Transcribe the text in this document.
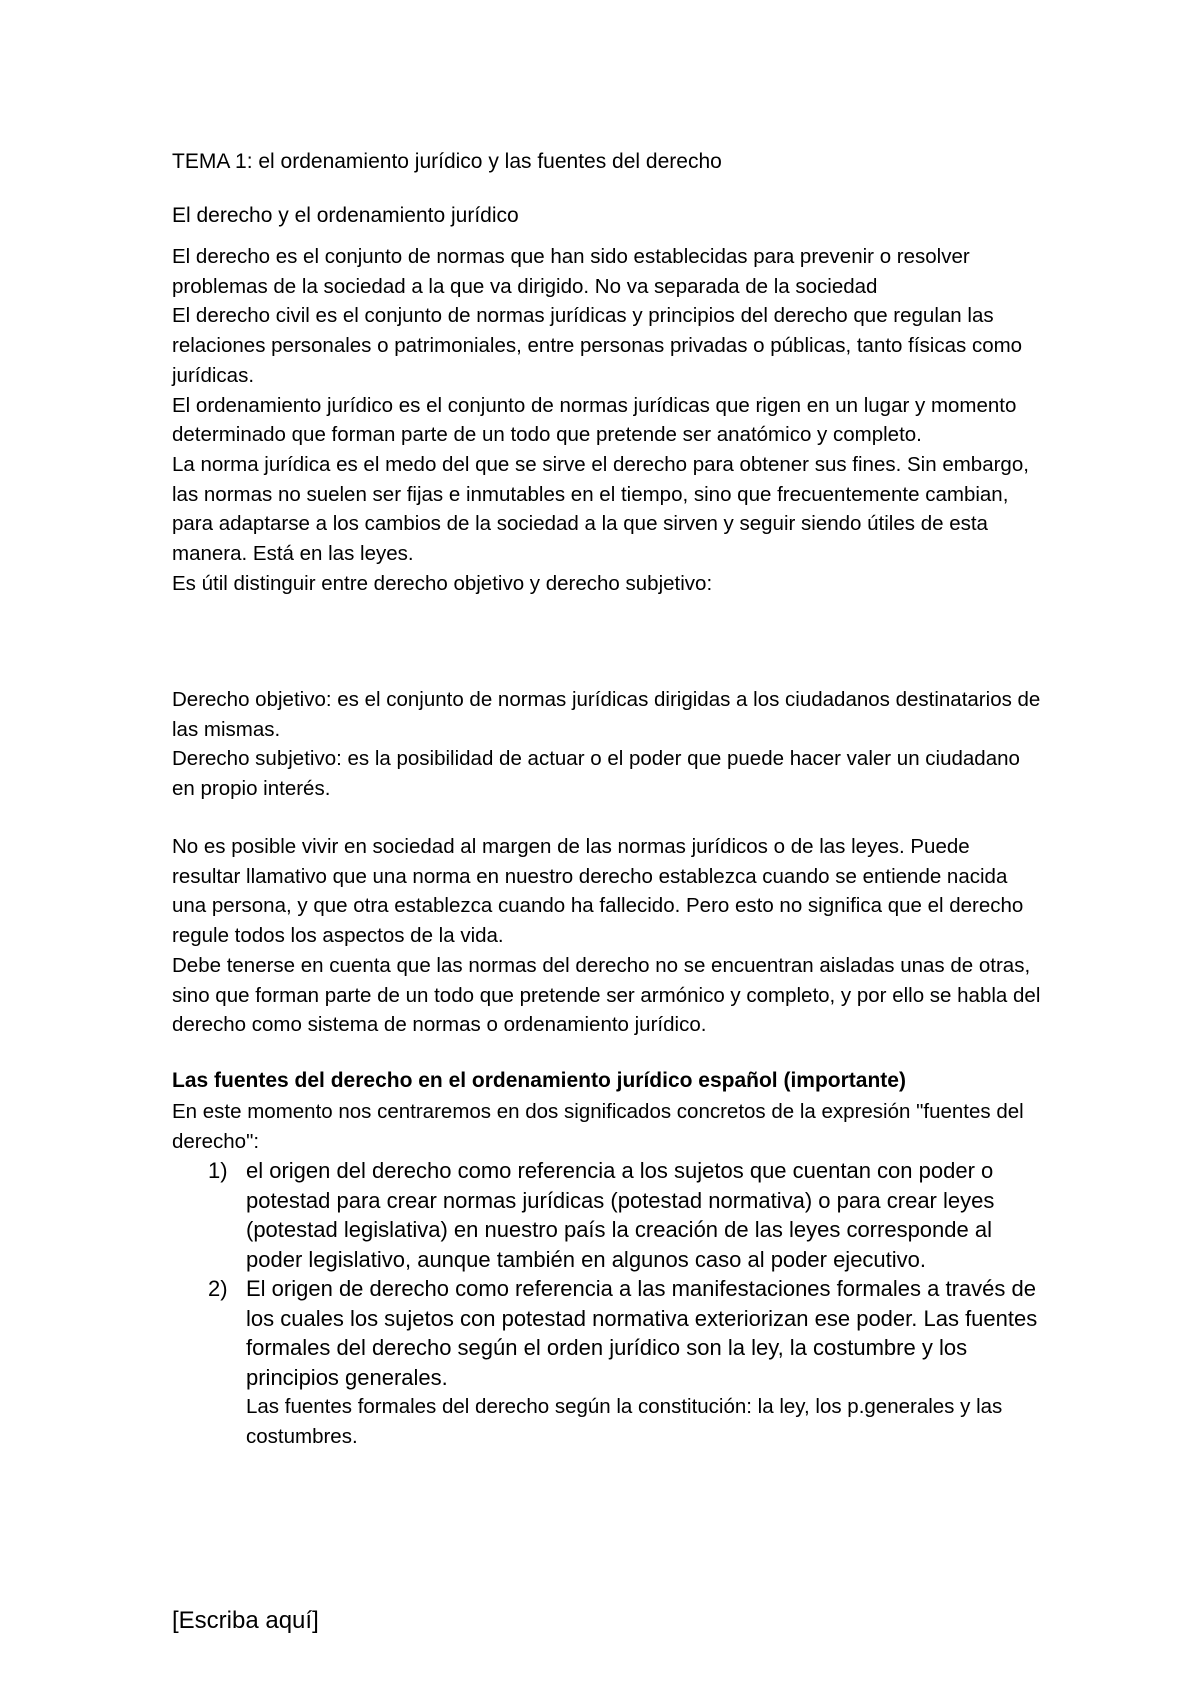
TEMA 1: el ordenamiento jurídico y las fuentes del derecho
El derecho y el ordenamiento jurídico

El derecho es el conjunto de normas que han sido establecidas para prevenir o resolver problemas de la sociedad a la que va dirigido. No va separada de la sociedad

El derecho civil es el conjunto de normas jurídicas y principios del derecho que regulan las relaciones personales o patrimoniales, entre personas privadas o públicas, tanto físicas como jurídicas.

El ordenamiento jurídico es el conjunto de normas jurídicas que rigen en un lugar y momento determinado que forman parte de un todo que pretende ser anatómico y completo.

La norma jurídica es el medo del que se sirve el derecho para obtener sus fines. Sin embargo, las normas no suelen ser fijas e inmutables en el tiempo, sino que frecuentemente cambian, para adaptarse a los cambios de la sociedad a la que sirven y seguir siendo útiles de esta manera. Está en las leyes.

Es útil distinguir entre derecho objetivo y derecho subjetivo:

Derecho objetivo: es el conjunto de normas jurídicas dirigidas a los ciudadanos destinatarios de las mismas.

Derecho subjetivo: es la posibilidad de actuar o el poder que puede hacer valer un ciudadano en propio interés.

No es posible vivir en sociedad al margen de las normas jurídicos o de las leyes. Puede resultar llamativo que una norma en nuestro derecho establezca cuando se entiende nacida una persona, y que otra establezca cuando ha fallecido. Pero esto no significa que el derecho regule todos los aspectos de la vida.

Debe tenerse en cuenta que las normas del derecho no se encuentran aisladas unas de otras, sino que forman parte de un todo que pretende ser armónico y completo, y por ello se habla del derecho como sistema de normas o ordenamiento jurídico.

Las fuentes del derecho en el ordenamiento jurídico español (importante)
En este momento nos centraremos en dos significados concretos de la expresión "fuentes del derecho":
1) el origen del derecho como referencia a los sujetos que cuentan con poder o potestad para crear normas jurídicas (potestad normativa) o para crear leyes (potestad legislativa) en nuestro país la creación de las leyes corresponde al poder legislativo, aunque también en algunos caso al poder ejecutivo.
2) El origen de derecho como referencia a las manifestaciones formales a través de los cuales los sujetos con potestad normativa exteriorizan ese poder. Las fuentes formales del derecho según el orden jurídico son la ley, la costumbre y los principios generales.
Las fuentes formales del derecho según la constitución: la ley, los p.generales y las costumbres.
[Escriba aquí]
